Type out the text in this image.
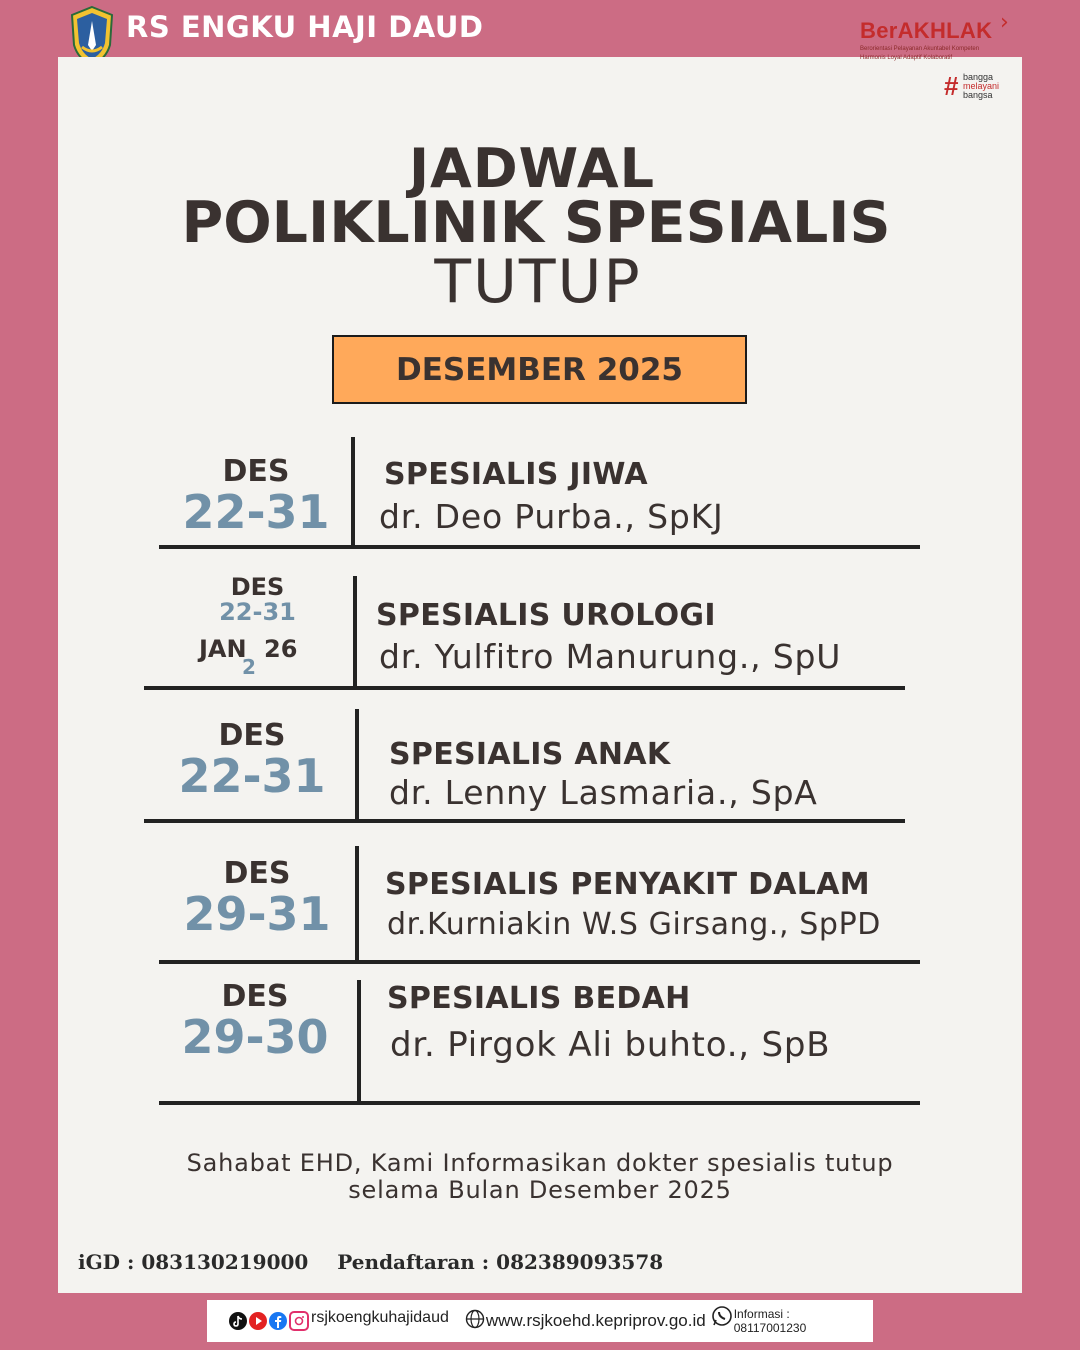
RS ENGKU HAJI DAUD	BerAKHLAK ›
Berorientasi Pelayanan Akuntabel Kompeten
Harmonis Loyal Adaptif Kolaboratif
# bangga
melayani
bangsa
JADWAL
POLIKLINIK SPESIALIS
TUTUP
DESEMBER 2025
DES
22-31
SPESIALIS JIWA
dr. Deo Purba., SpKJ
DES
22-31
JAN 26
2
SPESIALIS UROLOGI
dr. Yulfitro Manurung., SpU
DES
22-31	SPESIALIS ANAK
dr. Lenny Lasmaria., SpA
DES
29-31
SPESIALIS PENYAKIT DALAM
dr.Kurniakin W.S Girsang., SpPD
DES
29-30
SPESIALIS BEDAH
dr. Pirgok Ali buhto., SpB
Sahabat EHD, Kami Informasikan dokter spesialis tutup
selama Bulan Desember 2025
iGD : 083130219000 Pendaftaran : 082389093578
rsjkoengkuhajidaud www.rsjkoehd.kepriprov.go.id Informasi :
08117001230
